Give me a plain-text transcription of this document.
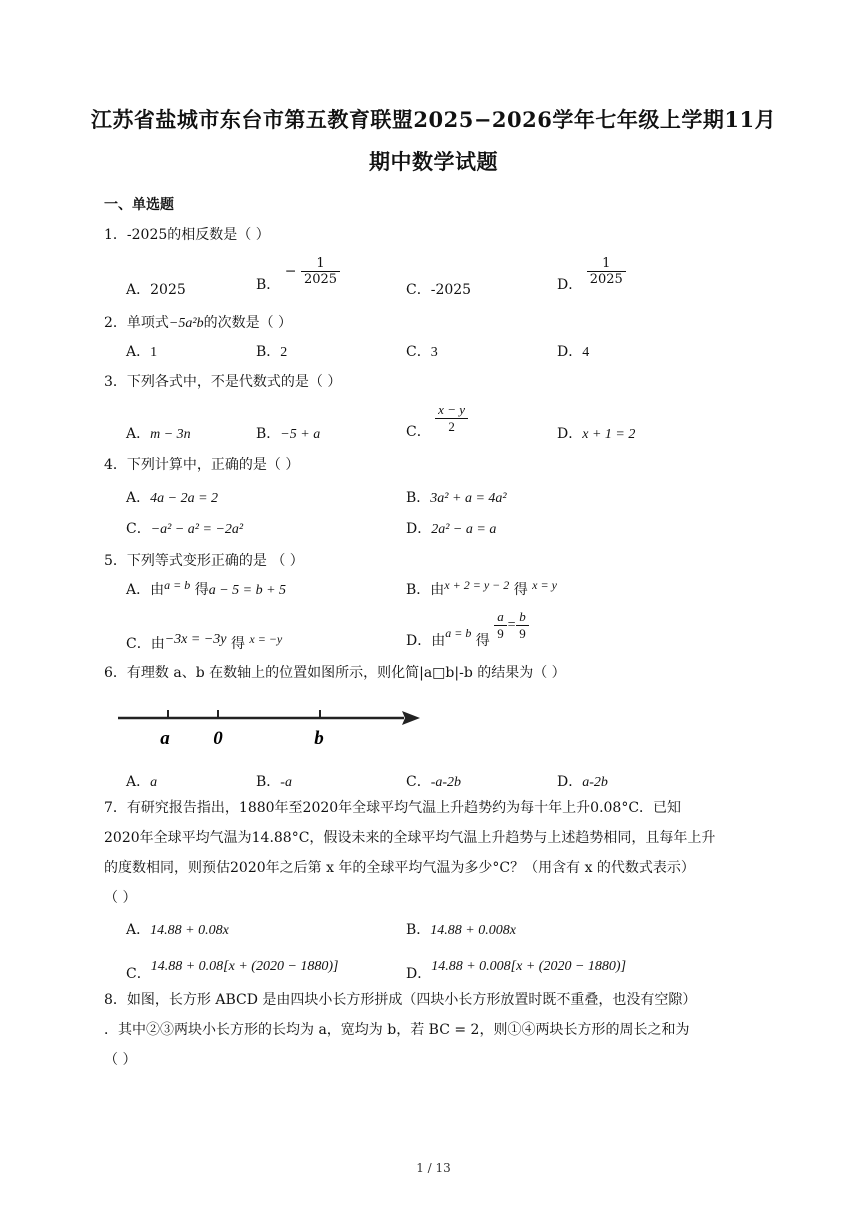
江苏省盐城市东台市第五教育联盟2025−2026学年七年级上学期11月
期中数学试题
一、单选题
1．-2025的相反数是（ ）
A．2025	B． − $\frac{1}{2025}$
C．-2025	D． $\frac{1}{2025}$
2．单项式−5a²b的次数是（ ）
A．1	B．2	C．3	D．4
3．下列各式中，不是代数式的是（ ）
A．m − 3n	B．−5 + a	C． $\frac{x - y}{2}$	D．x + 1 = 2
4．下列计算中，正确的是（ ）
A．4a − 2a = 2	B．3a² + a = 4a²
C．−a² − a² = −2a²	D．2a² − a = a
5．下列等式变形正确的是 （ ）
A．由a = b 得a − 5 = b + 5	B．由x + 2 = y − 2 得 x = y
C．由−3x = −3y 得 x = −y	D．由a = b 得 $\frac{a}{9} = \frac{b}{9}$
6．有理数 a、b 在数轴上的位置如图所示，则化简|a□b|-b 的结果为（ ）
a 0	b
A．a	B．-a	C．-a-2b	D．a-2b
7．有研究报告指出，1880年至2020年全球平均气温上升趋势约为每十年上升0.08°C．已知
2020年全球平均气温为14.88°C，假设未来的全球平均气温上升趋势与上述趋势相同，且每年上升
的度数相同，则预估2020年之后第 x 年的全球平均气温为多少°C？（用含有 x 的代数式表示）
（ ）
A．14.88 + 0.08x	B．14.88 + 0.008x
C．14.88 + 0.08[x + (2020 − 1880)]	D．14.88 + 0.008[x + (2020 − 1880)]
8．如图，长方形 ABCD 是由四块小长方形拼成（四块小长方形放置时既不重叠，也没有空隙）
．其中②③两块小长方形的长均为 a，宽均为 b，若 BC = 2，则①④两块长方形的周长之和为
（ ）
1 / 13
